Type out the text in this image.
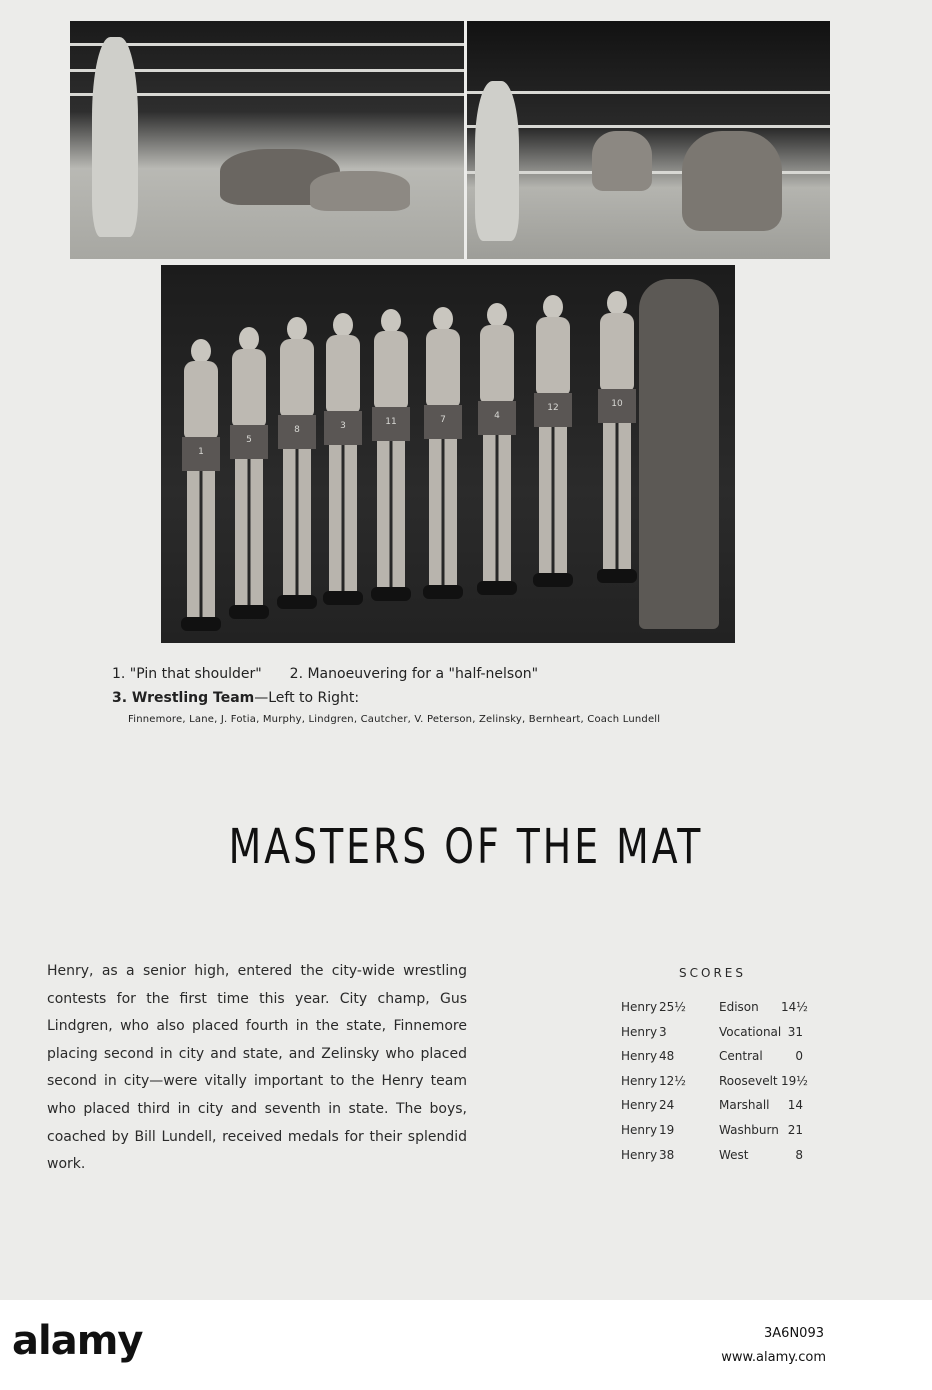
1
5
8	3	11	7	4
12	10
1. "Pin that shoulder" 2. Manoeuvering for a "half-nelson"
3. Wrestling Team—Left to Right:
Finnemore, Lane, J. Fotia, Murphy, Lindgren, Cautcher, V. Peterson, Zelinsky, Bernheart, Coach Lundell
MASTERS OF THE MAT
Henry, as a senior high, entered the city-wide wrestling contests for the first time this year. City champ, Gus Lindgren, who also placed fourth in the state, Finnemore placing second in city and state, and Zelinsky who placed second in city—were vitally important to the Henry team who placed third in city and seventh in state. The boys, coached by Bill Lundell, received medals for their splendid work.
SCORES
Henry 25½	Edison 14½
Henry 3	Vocational 31
Henry 48	Central	0
Henry 12½	Roosevelt 19½
Henry 24	Marshall	14
Henry 19	Washburn 21
Henry 38	West	8
alamy	3A6N093
www.alamy.com
